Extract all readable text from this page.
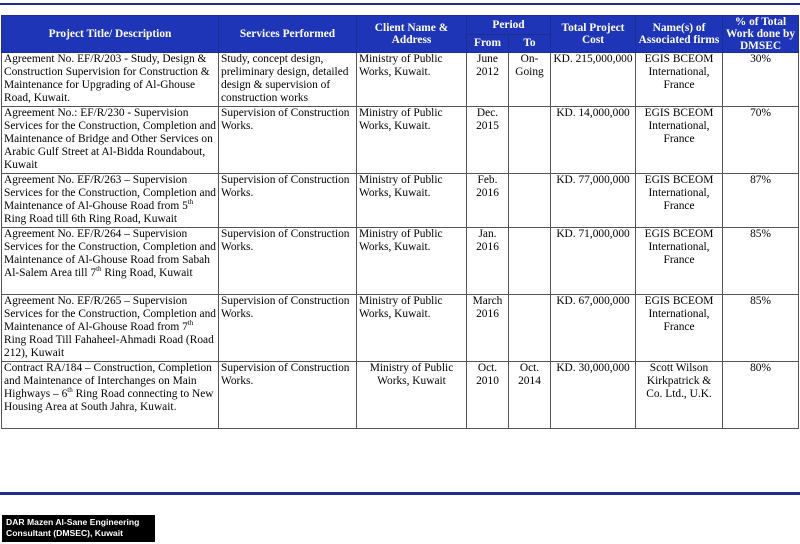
Project Title/ Description	Services Performed	Client Name & Address	Period		Total Project Cost	Name(s) of Associated firms	% of Total Work done by DMSEC
			From	To			
Agreement No. EF/R/203 - Study, Design & Construction Supervision for Construction & Maintenance for Upgrading of Al-Ghouse Road, Kuwait.	Study, concept design, preliminary design, detailed design & supervision of construction works	Ministry of Public Works, Kuwait.	June 2012	On-Going	KD. 215,000,000	EGIS BCEOM International, France	30%
Agreement No.: EF/R/230 - Supervision Services for the Construction, Completion and Maintenance of Bridge and Other Services on Arabic Gulf Street at Al-Bidda Roundabout, Kuwait	Supervision of Construction Works.	Ministry of Public Works, Kuwait.	Dec. 2015		KD. 14,000,000	EGIS BCEOM International, France	70%
Agreement No. EF/R/263 – Supervision Services for the Construction, Completion and Maintenance of Al-Ghouse Road from 5th Ring Road till 6th Ring Road, Kuwait	Supervision of Construction Works.	Ministry of Public Works, Kuwait.	Feb. 2016		KD. 77,000,000	EGIS BCEOM International, France	87%
Agreement No. EF/R/264 – Supervision Services for the Construction, Completion and Maintenance of Al-Ghouse Road from Sabah Al-Salem Area till 7th Ring Road, Kuwait	Supervision of Construction Works.	Ministry of Public Works, Kuwait.	Jan. 2016		KD. 71,000,000	EGIS BCEOM International, France	85%
Agreement No. EF/R/265 – Supervision Services for the Construction, Completion and Maintenance of Al-Ghouse Road from 7th Ring Road Till Fahaheel-Ahmadi Road (Road 212), Kuwait	Supervision of Construction Works.	Ministry of Public Works, Kuwait.	March 2016		KD. 67,000,000	EGIS BCEOM International, France	85%
Contract RA/184 – Construction, Completion and Maintenance of Interchanges on Main Highways – 6th Ring Road connecting to New Housing Area at South Jahra, Kuwait.	Supervision of Construction Works.	Ministry of Public Works, Kuwait	Oct. 2010	Oct. 2014	KD. 30,000,000	Scott Wilson Kirkpatrick & Co. Ltd., U.K.	80%
DAR Mazen Al-Sane Engineering
Consultant (DMSEC), Kuwait
